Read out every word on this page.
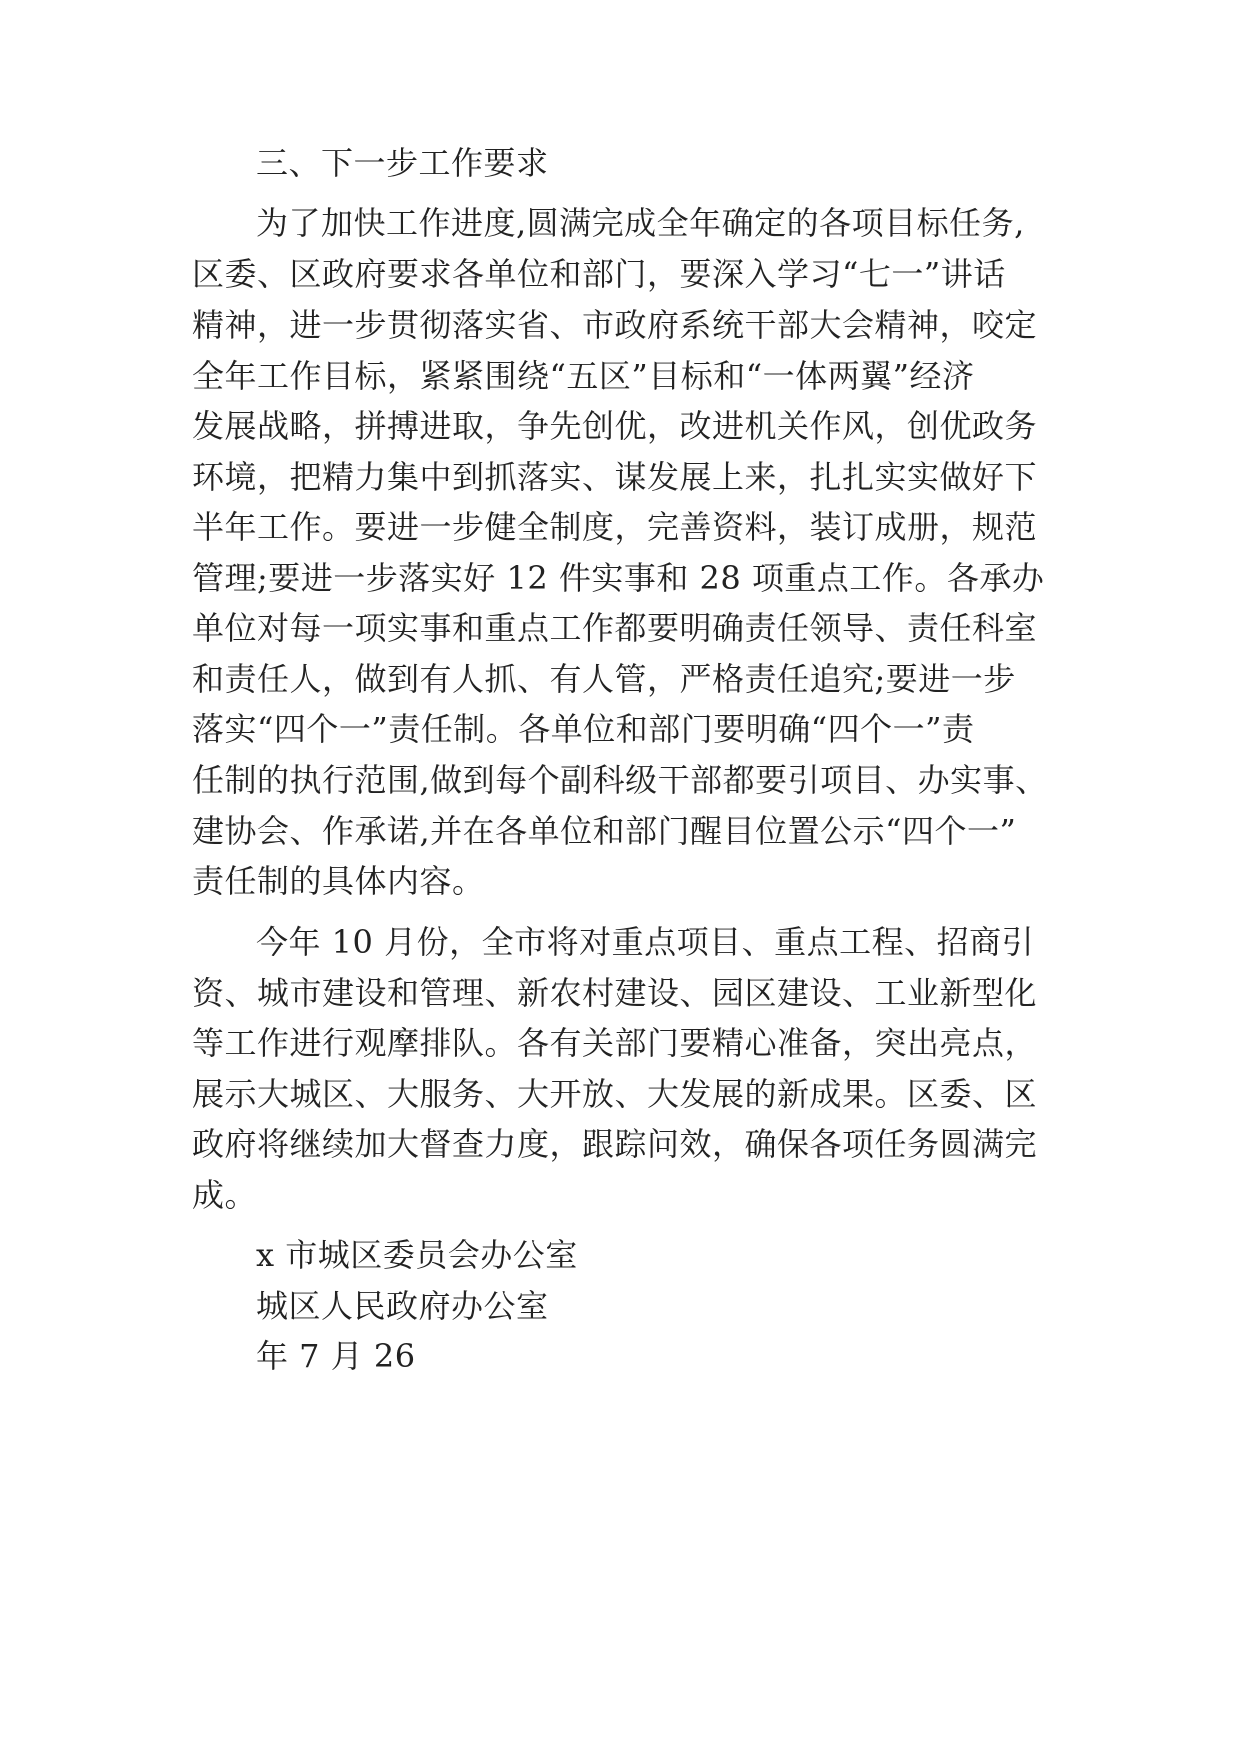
三、下一步工作要求
为了加快工作进度,圆满完成全年确定的各项目标任务,
区委、区政府要求各单位和部门，要深入学习“七一”讲话
精神，进一步贯彻落实省、市政府系统干部大会精神，咬定
全年工作目标，紧紧围绕“五区”目标和“一体两翼”经济
发展战略，拼搏进取，争先创优，改进机关作风，创优政务
环境，把精力集中到抓落实、谋发展上来，扎扎实实做好下
半年工作。要进一步健全制度，完善资料，装订成册，规范
管理;要进一步落实好 12 件实事和 28 项重点工作。各承办
单位对每一项实事和重点工作都要明确责任领导、责任科室
和责任人，做到有人抓、有人管，严格责任追究;要进一步
落实“四个一”责任制。各单位和部门要明确“四个一”责
任制的执行范围,做到每个副科级干部都要引项目、办实事、
建协会、作承诺,并在各单位和部门醒目位置公示“四个一”
责任制的具体内容。
今年 10 月份，全市将对重点项目、重点工程、招商引
资、城市建设和管理、新农村建设、园区建设、工业新型化
等工作进行观摩排队。各有关部门要精心准备，突出亮点，
展示大城区、大服务、大开放、大发展的新成果。区委、区
政府将继续加大督查力度，跟踪问效，确保各项任务圆满完
成。
x 市城区委员会办公室
城区人民政府办公室
年 7 月 26
